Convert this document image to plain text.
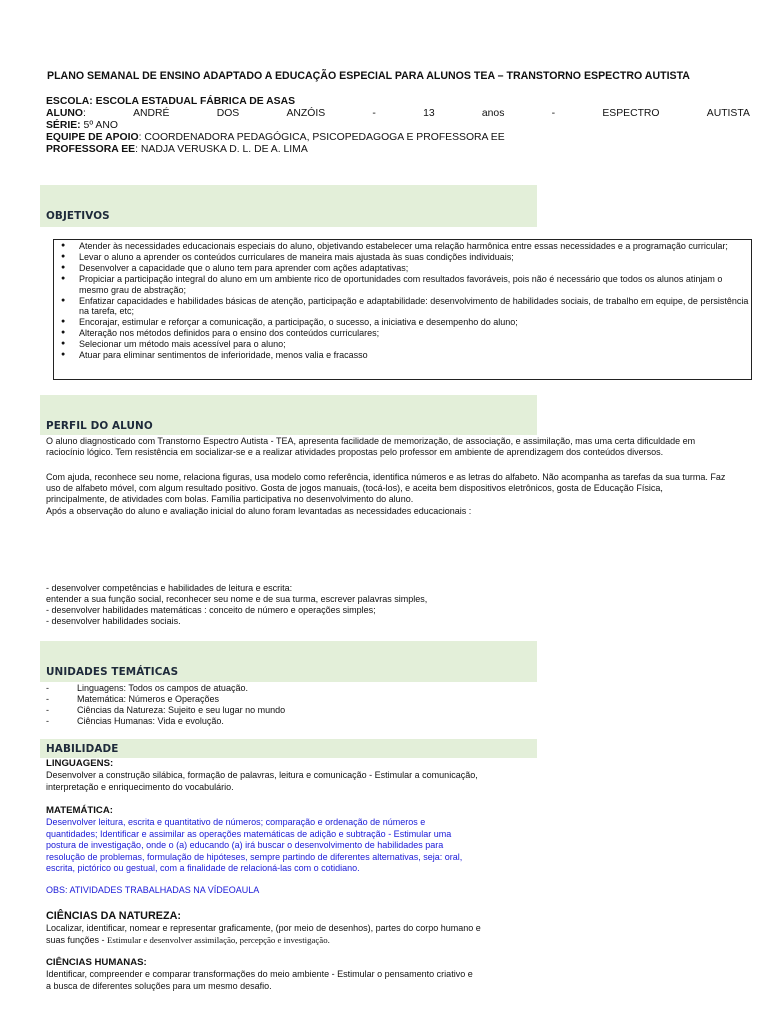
PLANO SEMANAL DE ENSINO ADAPTADO A EDUCAÇÃO ESPECIAL PARA ALUNOS TEA – TRANSTORNO ESPECTRO AUTISTA
ESCOLA: ESCOLA ESTADUAL FÁBRICA DE ASAS
ALUNO:	ANDRÉ	DOS	ANZÓIS	-	13	anos	-	ESPECTRO	AUTISTA
SÉRIE: 5º ANO
EQUIPE DE APOIO: COORDENADORA PEDAGÓGICA, PSICOPEDAGOGA E PROFESSORA EE
PROFESSORA EE: NADJA VERUSKA D. L. DE A. LIMA
OBJETIVOS
● Atender às necessidades educacionais especiais do aluno, objetivando estabelecer uma relação harmônica entre essas necessidades e a programação curricular;
● Levar o aluno a aprender os conteúdos curriculares de maneira mais ajustada às suas condições individuais;
● Desenvolver a capacidade que o aluno tem para aprender com ações adaptativas;
● Propiciar a participação integral do aluno em um ambiente rico de oportunidades com resultados favoráveis, pois não é necessário que todos os alunos atinjam o mesmo grau de abstração;
● Enfatizar capacidades e habilidades básicas de atenção, participação e adaptabilidade: desenvolvimento de habilidades sociais, de trabalho em equipe, de persistência na tarefa, etc;
● Encorajar, estimular e reforçar a comunicação, a participação, o sucesso, a iniciativa e desempenho do aluno;
● Alteração nos métodos definidos para o ensino dos conteúdos curriculares;
● Selecionar um método mais acessível para o aluno;
● Atuar para eliminar sentimentos de inferioridade, menos valia e fracasso
PERFIL DO ALUNO
O aluno diagnosticado com Transtorno Espectro Autista - TEA, apresenta facilidade de memorização, de associação, e assimilação, mas uma certa dificuldade em raciocínio lógico. Tem resistência em socializar-se e a realizar atividades propostas pelo professor em ambiente de aprendizagem dos conteúdos diversos.
Com ajuda, reconhece seu nome, relaciona figuras, usa modelo como referência, identifica números e as letras do alfabeto. Não acompanha as tarefas da sua turma. Faz uso de alfabeto móvel, com algum resultado positivo. Gosta de jogos manuais, (tocá-los), e aceita bem dispositivos eletrônicos, gosta de Educação Física, principalmente, de atividades com bolas. Família participativa no desenvolvimento do aluno.
Após a observação do aluno e avaliação inicial do aluno foram levantadas as necessidades educacionais :
- desenvolver competências e habilidades de leitura e escrita:
entender a sua função social, reconhecer seu nome e de sua turma, escrever palavras simples,
- desenvolver habilidades matemáticas : conceito de número e operações simples;
- desenvolver habilidades sociais.
UNIDADES TEMÁTICAS
- Linguagens: Todos os campos de atuação.
- Matemática: Números e Operações
- Ciências da Natureza: Sujeito e seu lugar no mundo
- Ciências Humanas: Vida e evolução.
HABILIDADE
LINGUAGENS:
Desenvolver a construção silábica, formação de palavras, leitura e comunicação - Estimular a comunicação,
interpretação e enriquecimento do vocabulário.
MATEMÁTICA:
Desenvolver leitura, escrita e quantitativo de números; comparação e ordenação de números e
quantidades; Identificar e assimilar as operações matemáticas de adição e subtração - Estimular uma
postura de investigação, onde o (a) educando (a) irá buscar o desenvolvimento de habilidades para
resolução de problemas, formulação de hipóteses, sempre partindo de diferentes alternativas, seja: oral,
escrita, pictórico ou gestual, com a finalidade de relacioná-las com o cotidiano.
OBS: ATIVIDADES TRABALHADAS NA VÍDEOAULA
CIÊNCIAS DA NATUREZA:
Localizar, identificar, nomear e representar graficamente, (por meio de desenhos), partes do corpo humano e
suas funções - Estimular e desenvolver assimilação, percepção e investigação.
CIÊNCIAS HUMANAS:
Identificar, compreender e comparar transformações do meio ambiente - Estimular o pensamento criativo e
a busca de diferentes soluções para um mesmo desafio.
